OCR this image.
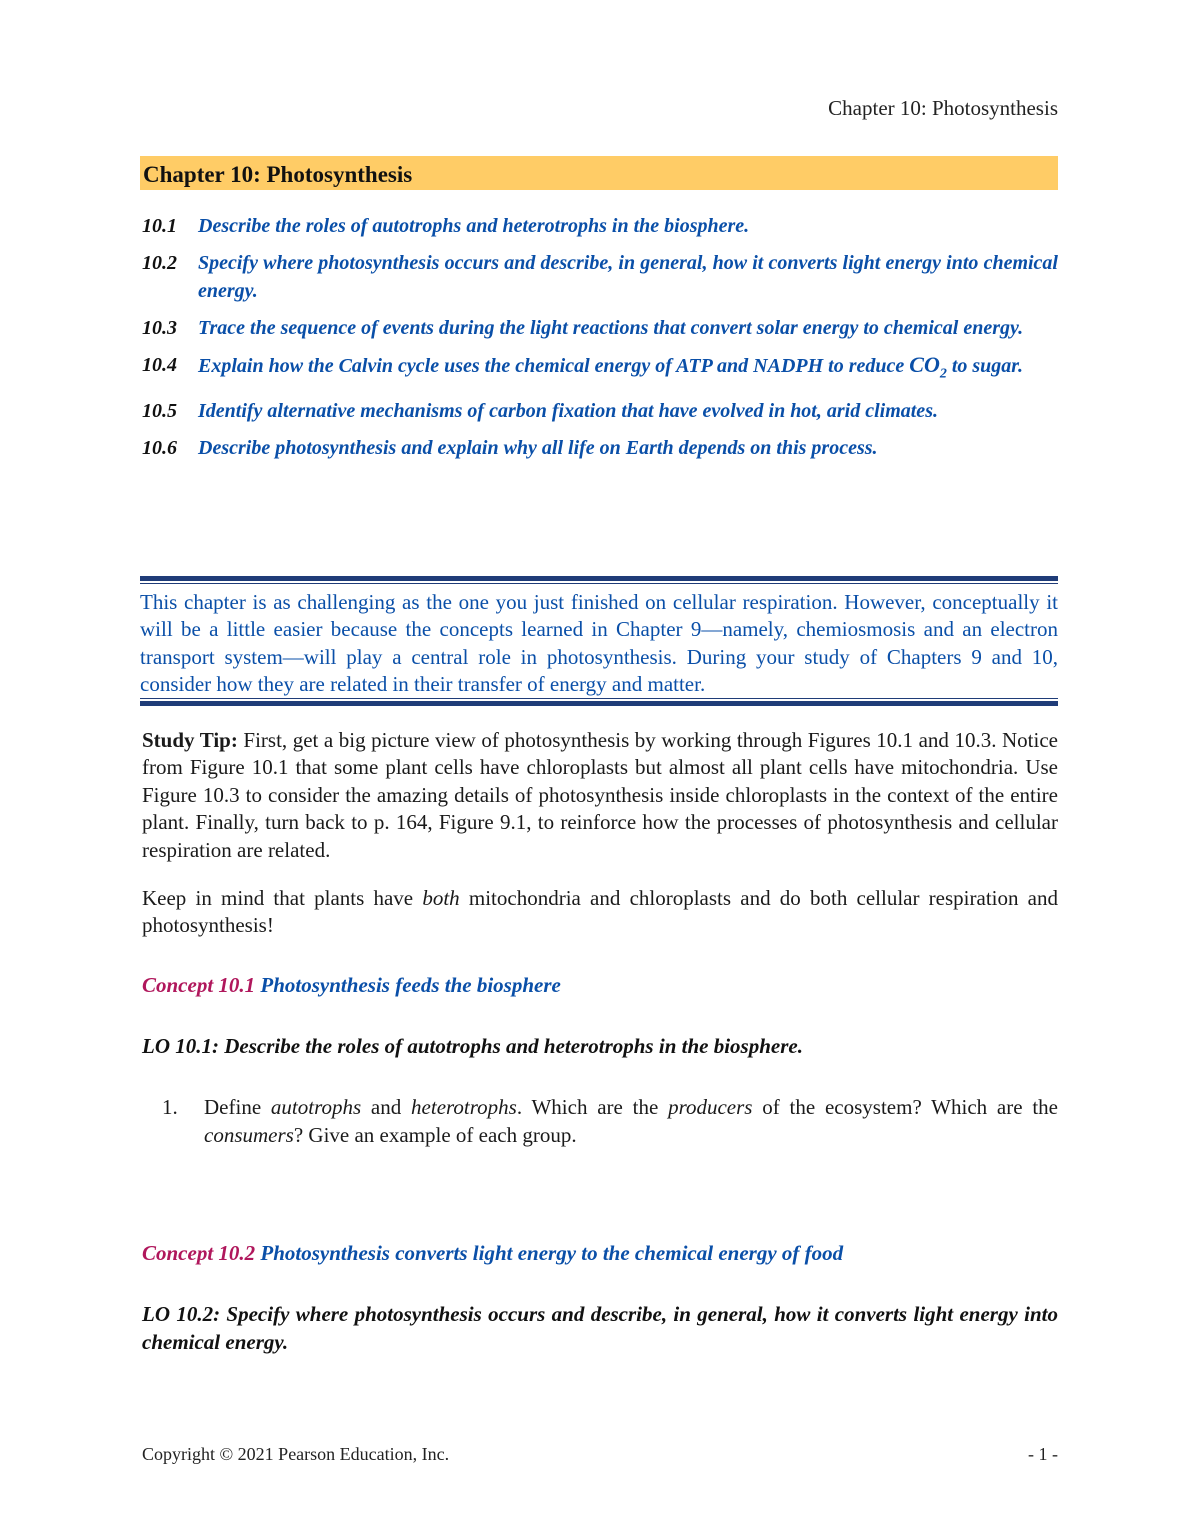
Chapter 10: Photosynthesis
Chapter 10: Photosynthesis
10.1	Describe the roles of autotrophs and heterotrophs in the biosphere.
10.2	Specify where photosynthesis occurs and describe, in general, how it converts light energy into chemical energy.
10.3	Trace the sequence of events during the light reactions that convert solar energy to chemical energy.
10.4	Explain how the Calvin cycle uses the chemical energy of ATP and NADPH to reduce $CO_2$ to sugar.
10.5	Identify alternative mechanisms of carbon fixation that have evolved in hot, arid climates.
10.6	Describe photosynthesis and explain why all life on Earth depends on this process.
This chapter is as challenging as the one you just finished on cellular respiration. However, conceptually it will be a little easier because the concepts learned in Chapter 9—namely, chemiosmosis and an electron transport system—will play a central role in photosynthesis. During your study of Chapters 9 and 10, consider how they are related in their transfer of energy and matter.
Study Tip: First, get a big picture view of photosynthesis by working through Figures 10.1 and 10.3. Notice from Figure 10.1 that some plant cells have chloroplasts but almost all plant cells have mitochondria. Use Figure 10.3 to consider the amazing details of photosynthesis inside chloroplasts in the context of the entire plant. Finally, turn back to p. 164, Figure 9.1, to reinforce how the processes of photosynthesis and cellular respiration are related.
Keep in mind that plants have both mitochondria and chloroplasts and do both cellular respiration and photosynthesis!
Concept 10.1 Photosynthesis feeds the biosphere
LO 10.1: Describe the roles of autotrophs and heterotrophs in the biosphere.
1.	Define autotrophs and heterotrophs. Which are the producers of the ecosystem? Which are the consumers? Give an example of each group.
Concept 10.2 Photosynthesis converts light energy to the chemical energy of food
LO 10.2: Specify where photosynthesis occurs and describe, in general, how it converts light energy into chemical energy.
Copyright © 2021 Pearson Education, Inc.	- 1 -
